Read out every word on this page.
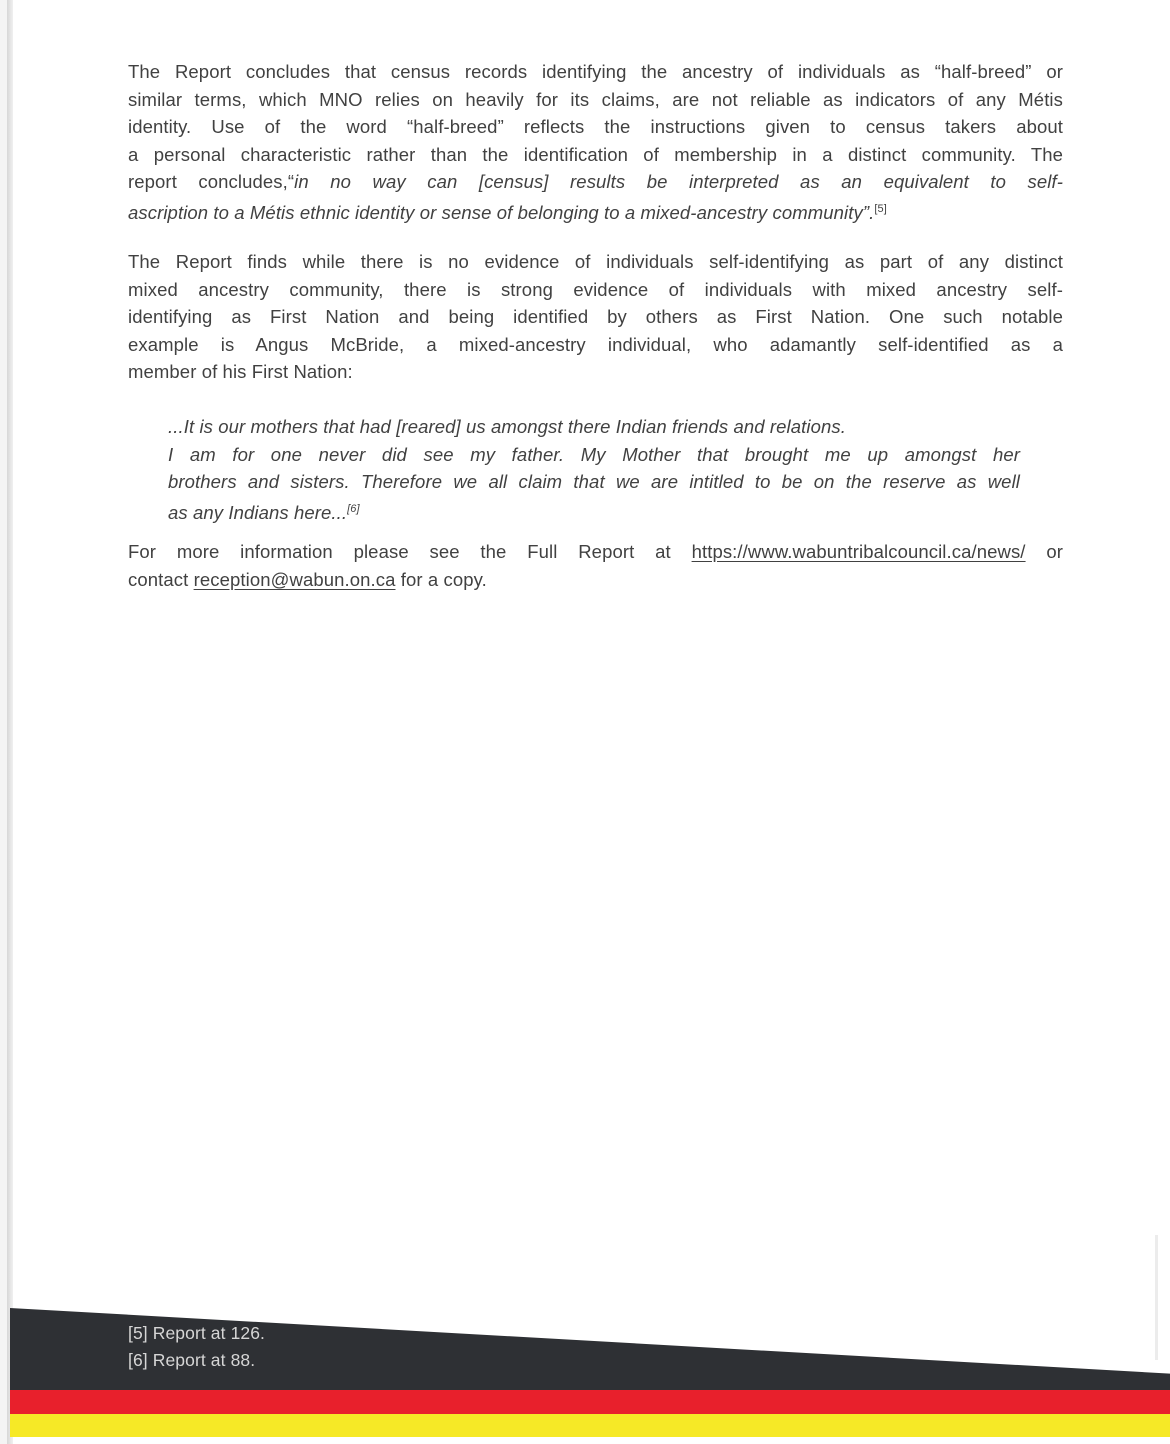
The Report concludes that census records identifying the ancestry of individuals as “half-breed” or
similar terms, which MNO relies on heavily for its claims, are not reliable as indicators of any Métis
identity. Use of the word “half-breed” reflects the instructions given to census takers about
a personal characteristic rather than the identification of membership in a distinct community. The
report concludes,“in no way can [census] results be interpreted as an equivalent to self-
ascription to a Métis ethnic identity or sense of belonging to a mixed-ancestry community”.[5]
The Report finds while there is no evidence of individuals self-identifying as part of any distinct
mixed ancestry community, there is strong evidence of individuals with mixed ancestry self-
identifying as First Nation and being identified by others as First Nation. One such notable
example is Angus McBride, a mixed-ancestry individual, who adamantly self-identified as a
member of his First Nation:
...It is our mothers that had [reared] us amongst there Indian friends and relations.
I am for one never did see my father. My Mother that brought me up amongst her
brothers and sisters. Therefore we all claim that we are intitled to be on the reserve as well
as any Indians here...[6]
For more information please see the Full Report at https://www.wabuntribalcouncil.ca/news/ or
contact reception@wabun.on.ca for a copy.
[5] Report at 126.
[6] Report at 88.
